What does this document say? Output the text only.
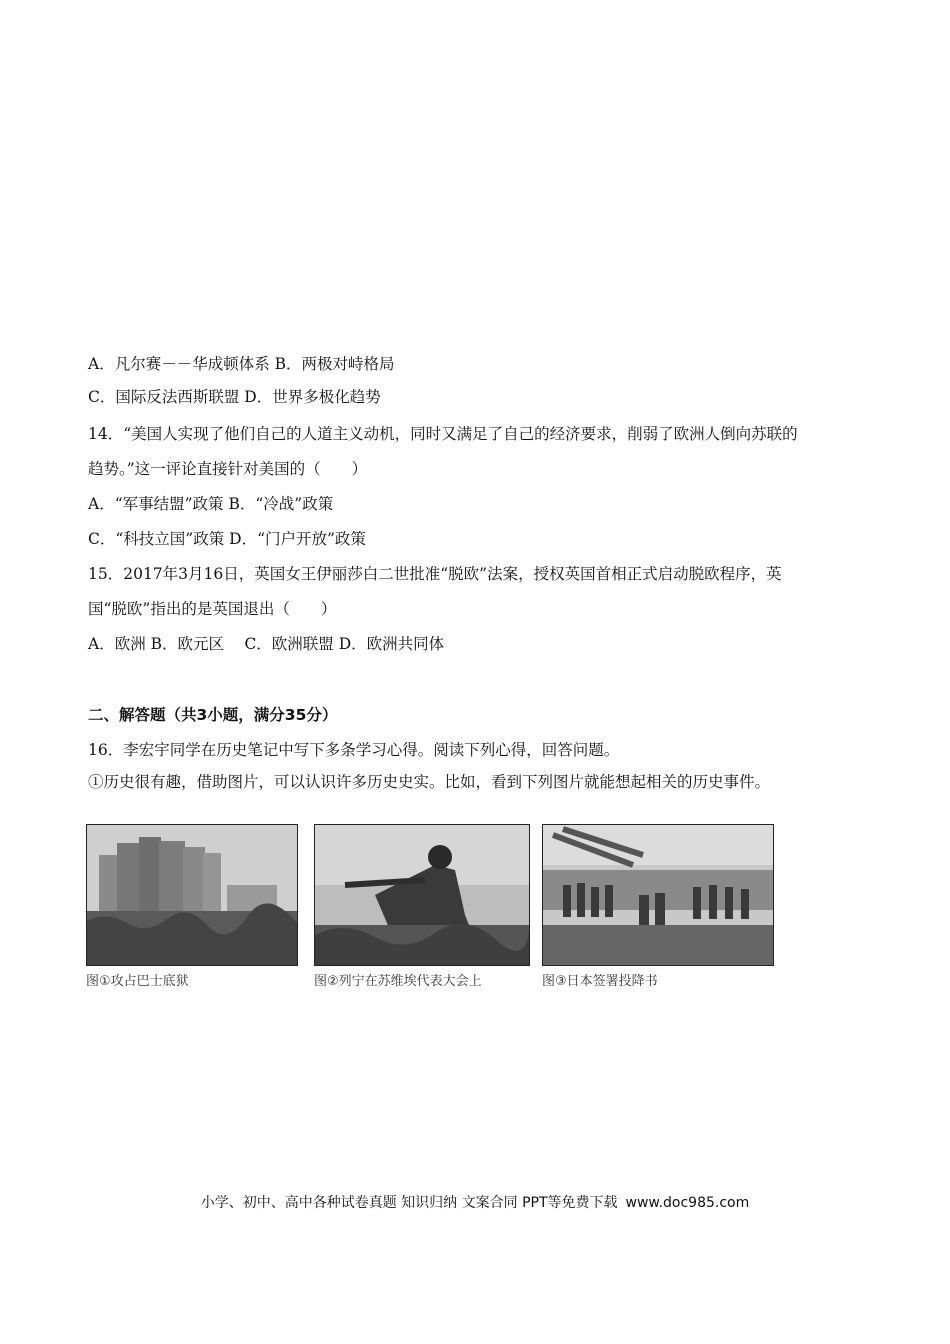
A．凡尔赛－－华成顿体系 B．两极对峙格局
C．国际反法西斯联盟 D．世界多极化趋势
14．“美国人实现了他们自己的人道主义动机，同时又满足了自己的经济要求，削弱了欧洲人倒向苏联的
趋势。”这一评论直接针对美国的（　　）
A．“军事结盟”政策 B．“冷战”政策
C．“科技立国”政策 D．“门户开放”政策
15．2017年3月16日，英国女王伊丽莎白二世批准“脱欧”法案，授权英国首相正式启动脱欧程序，英
国“脱欧”指出的是英国退出（　　）
A．欧洲 B．欧元区　 C．欧洲联盟 D．欧洲共同体
二、解答题（共3小题，满分35分）
16．李宏宇同学在历史笔记中写下多条学习心得。阅读下列心得，回答问题。
①历史很有趣，借助图片，可以认识许多历史史实。比如，看到下列图片就能想起相关的历史事件。
图①攻占巴士底狱	图②列宁在苏维埃代表大会上	图③日本签署投降书
小学、初中、高中各种试卷真题 知识归纳 文案合同 PPT等免费下载 www.doc985.com
